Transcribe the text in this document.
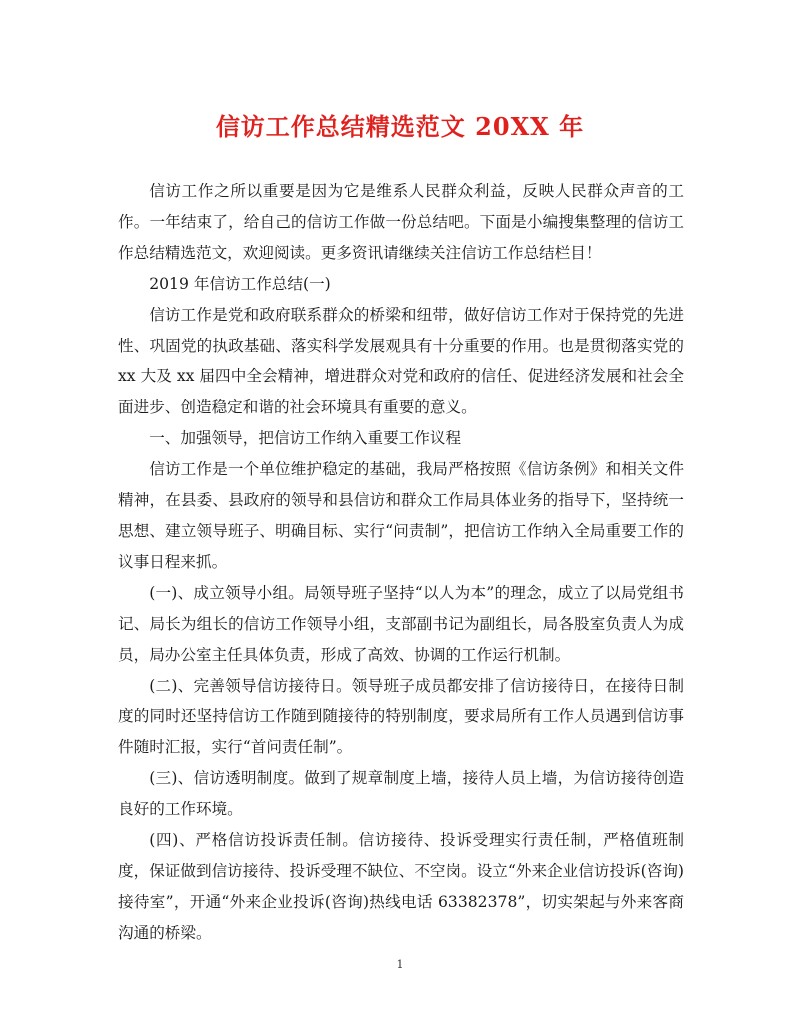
信访工作总结精选范文 20XX 年

信访工作之所以重要是因为它是维系人民群众利益，反映人民群众声音的工作。一年结束了，给自己的信访工作做一份总结吧。下面是小编搜集整理的信访工作总结精选范文，欢迎阅读。更多资讯请继续关注信访工作总结栏目！

2019 年信访工作总结(一)

信访工作是党和政府联系群众的桥梁和纽带，做好信访工作对于保持党的先进性、巩固党的执政基础、落实科学发展观具有十分重要的作用。也是贯彻落实党的 xx 大及 xx 届四中全会精神，增进群众对党和政府的信任、促进经济发展和社会全面进步、创造稳定和谐的社会环境具有重要的意义。

一、加强领导，把信访工作纳入重要工作议程

信访工作是一个单位维护稳定的基础，我局严格按照《信访条例》和相关文件精神，在县委、县政府的领导和县信访和群众工作局具体业务的指导下，坚持统一思想、建立领导班子、明确目标、实行“问责制”，把信访工作纳入全局重要工作的议事日程来抓。

(一)、成立领导小组。局领导班子坚持“以人为本”的理念，成立了以局党组书记、局长为组长的信访工作领导小组，支部副书记为副组长，局各股室负责人为成员，局办公室主任具体负责，形成了高效、协调的工作运行机制。

(二)、完善领导信访接待日。领导班子成员都安排了信访接待日，在接待日制度的同时还坚持信访工作随到随接待的特别制度，要求局所有工作人员遇到信访事件随时汇报，实行“首问责任制”。

(三)、信访透明制度。做到了规章制度上墙，接待人员上墙，为信访接待创造良好的工作环境。

(四)、严格信访投诉责任制。信访接待、投诉受理实行责任制，严格值班制度，保证做到信访接待、投诉受理不缺位、不空岗。设立“外来企业信访投诉(咨询)接待室”，开通“外来企业投诉(咨询)热线电话 63382378”，切实架起与外来客商沟通的桥梁。

1
